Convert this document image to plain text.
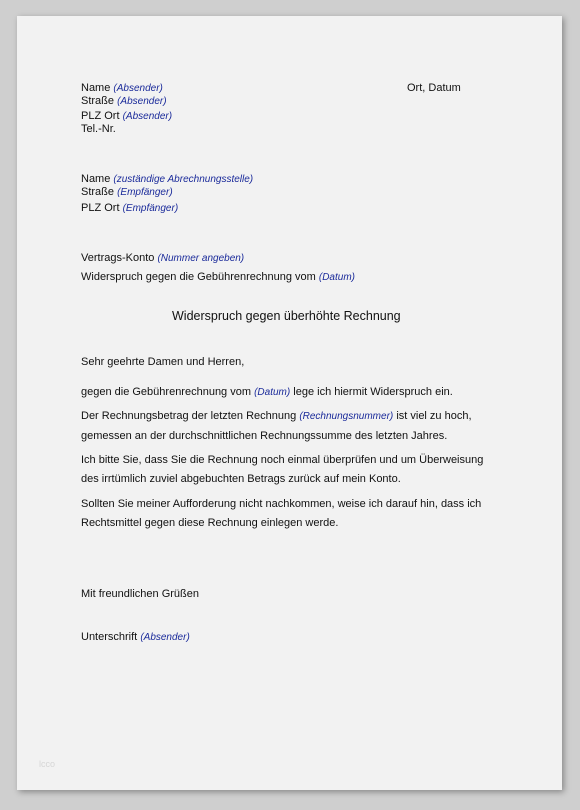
Name (Absender)
Straße (Absender)
PLZ Ort (Absender)
Tel.-Nr.
Ort, Datum
Name (zuständige Abrechnungsstelle)
Straße (Empfänger)
PLZ Ort (Empfänger)
Vertrags-Konto (Nummer angeben)
Widerspruch gegen die Gebührenrechnung vom (Datum)
Widerspruch gegen überhöhte Rechnung
Sehr geehrte Damen und Herren,
gegen die Gebührenrechnung vom (Datum) lege ich hiermit Widerspruch ein.
Der Rechnungsbetrag der letzten Rechnung (Rechnungsnummer) ist viel zu hoch,
gemessen an der durchschnittlichen Rechnungssumme des letzten Jahres.
Ich bitte Sie, dass Sie die Rechnung noch einmal überprüfen und um Überweisung
des irrtümlich zuviel abgebuchten Betrags zurück auf mein Konto.
Sollten Sie meiner Aufforderung nicht nachkommen, weise ich darauf hin, dass ich
Rechtsmittel gegen diese Rechnung einlegen werde.
Mit freundlichen Grüßen
Unterschrift (Absender)
lcco
